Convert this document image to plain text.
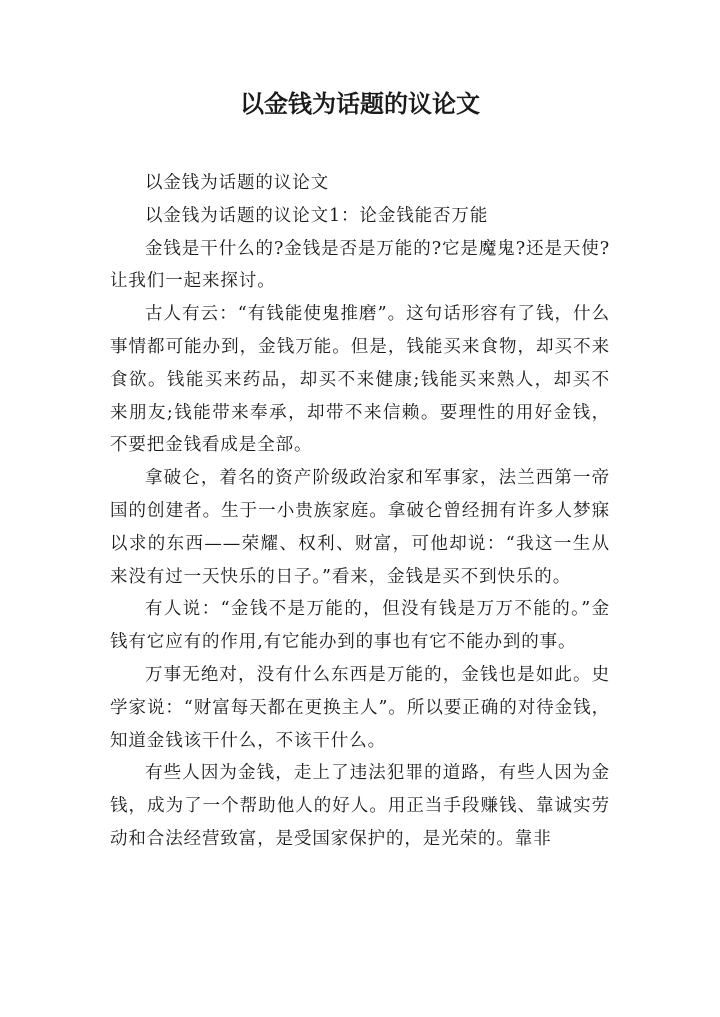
以金钱为话题的议论文

以金钱为话题的议论文

以金钱为话题的议论文1：论金钱能否万能

金钱是干什么的?金钱是否是万能的?它是魔鬼?还是天使?让我们一起来探讨。

古人有云：“有钱能使鬼推磨”。这句话形容有了钱，什么事情都可能办到，金钱万能。但是，钱能买来食物，却买不来食欲。钱能买来药品，却买不来健康;钱能买来熟人，却买不来朋友;钱能带来奉承，却带不来信赖。要理性的用好金钱，不要把金钱看成是全部。

拿破仑，着名的资产阶级政治家和军事家，法兰西第一帝国的创建者。生于一小贵族家庭。拿破仑曾经拥有许多人梦寐以求的东西——荣耀、权利、财富，可他却说：“我这一生从来没有过一天快乐的日子。”看来，金钱是买不到快乐的。

有人说：“金钱不是万能的，但没有钱是万万不能的。”金钱有它应有的作用,有它能办到的事也有它不能办到的事。

万事无绝对，没有什么东西是万能的，金钱也是如此。史学家说：“财富每天都在更换主人”。所以要正确的对待金钱，知道金钱该干什么，不该干什么。

有些人因为金钱，走上了违法犯罪的道路，有些人因为金钱，成为了一个帮助他人的好人。用正当手段赚钱、靠诚实劳动和合法经营致富，是受国家保护的，是光荣的。靠非
